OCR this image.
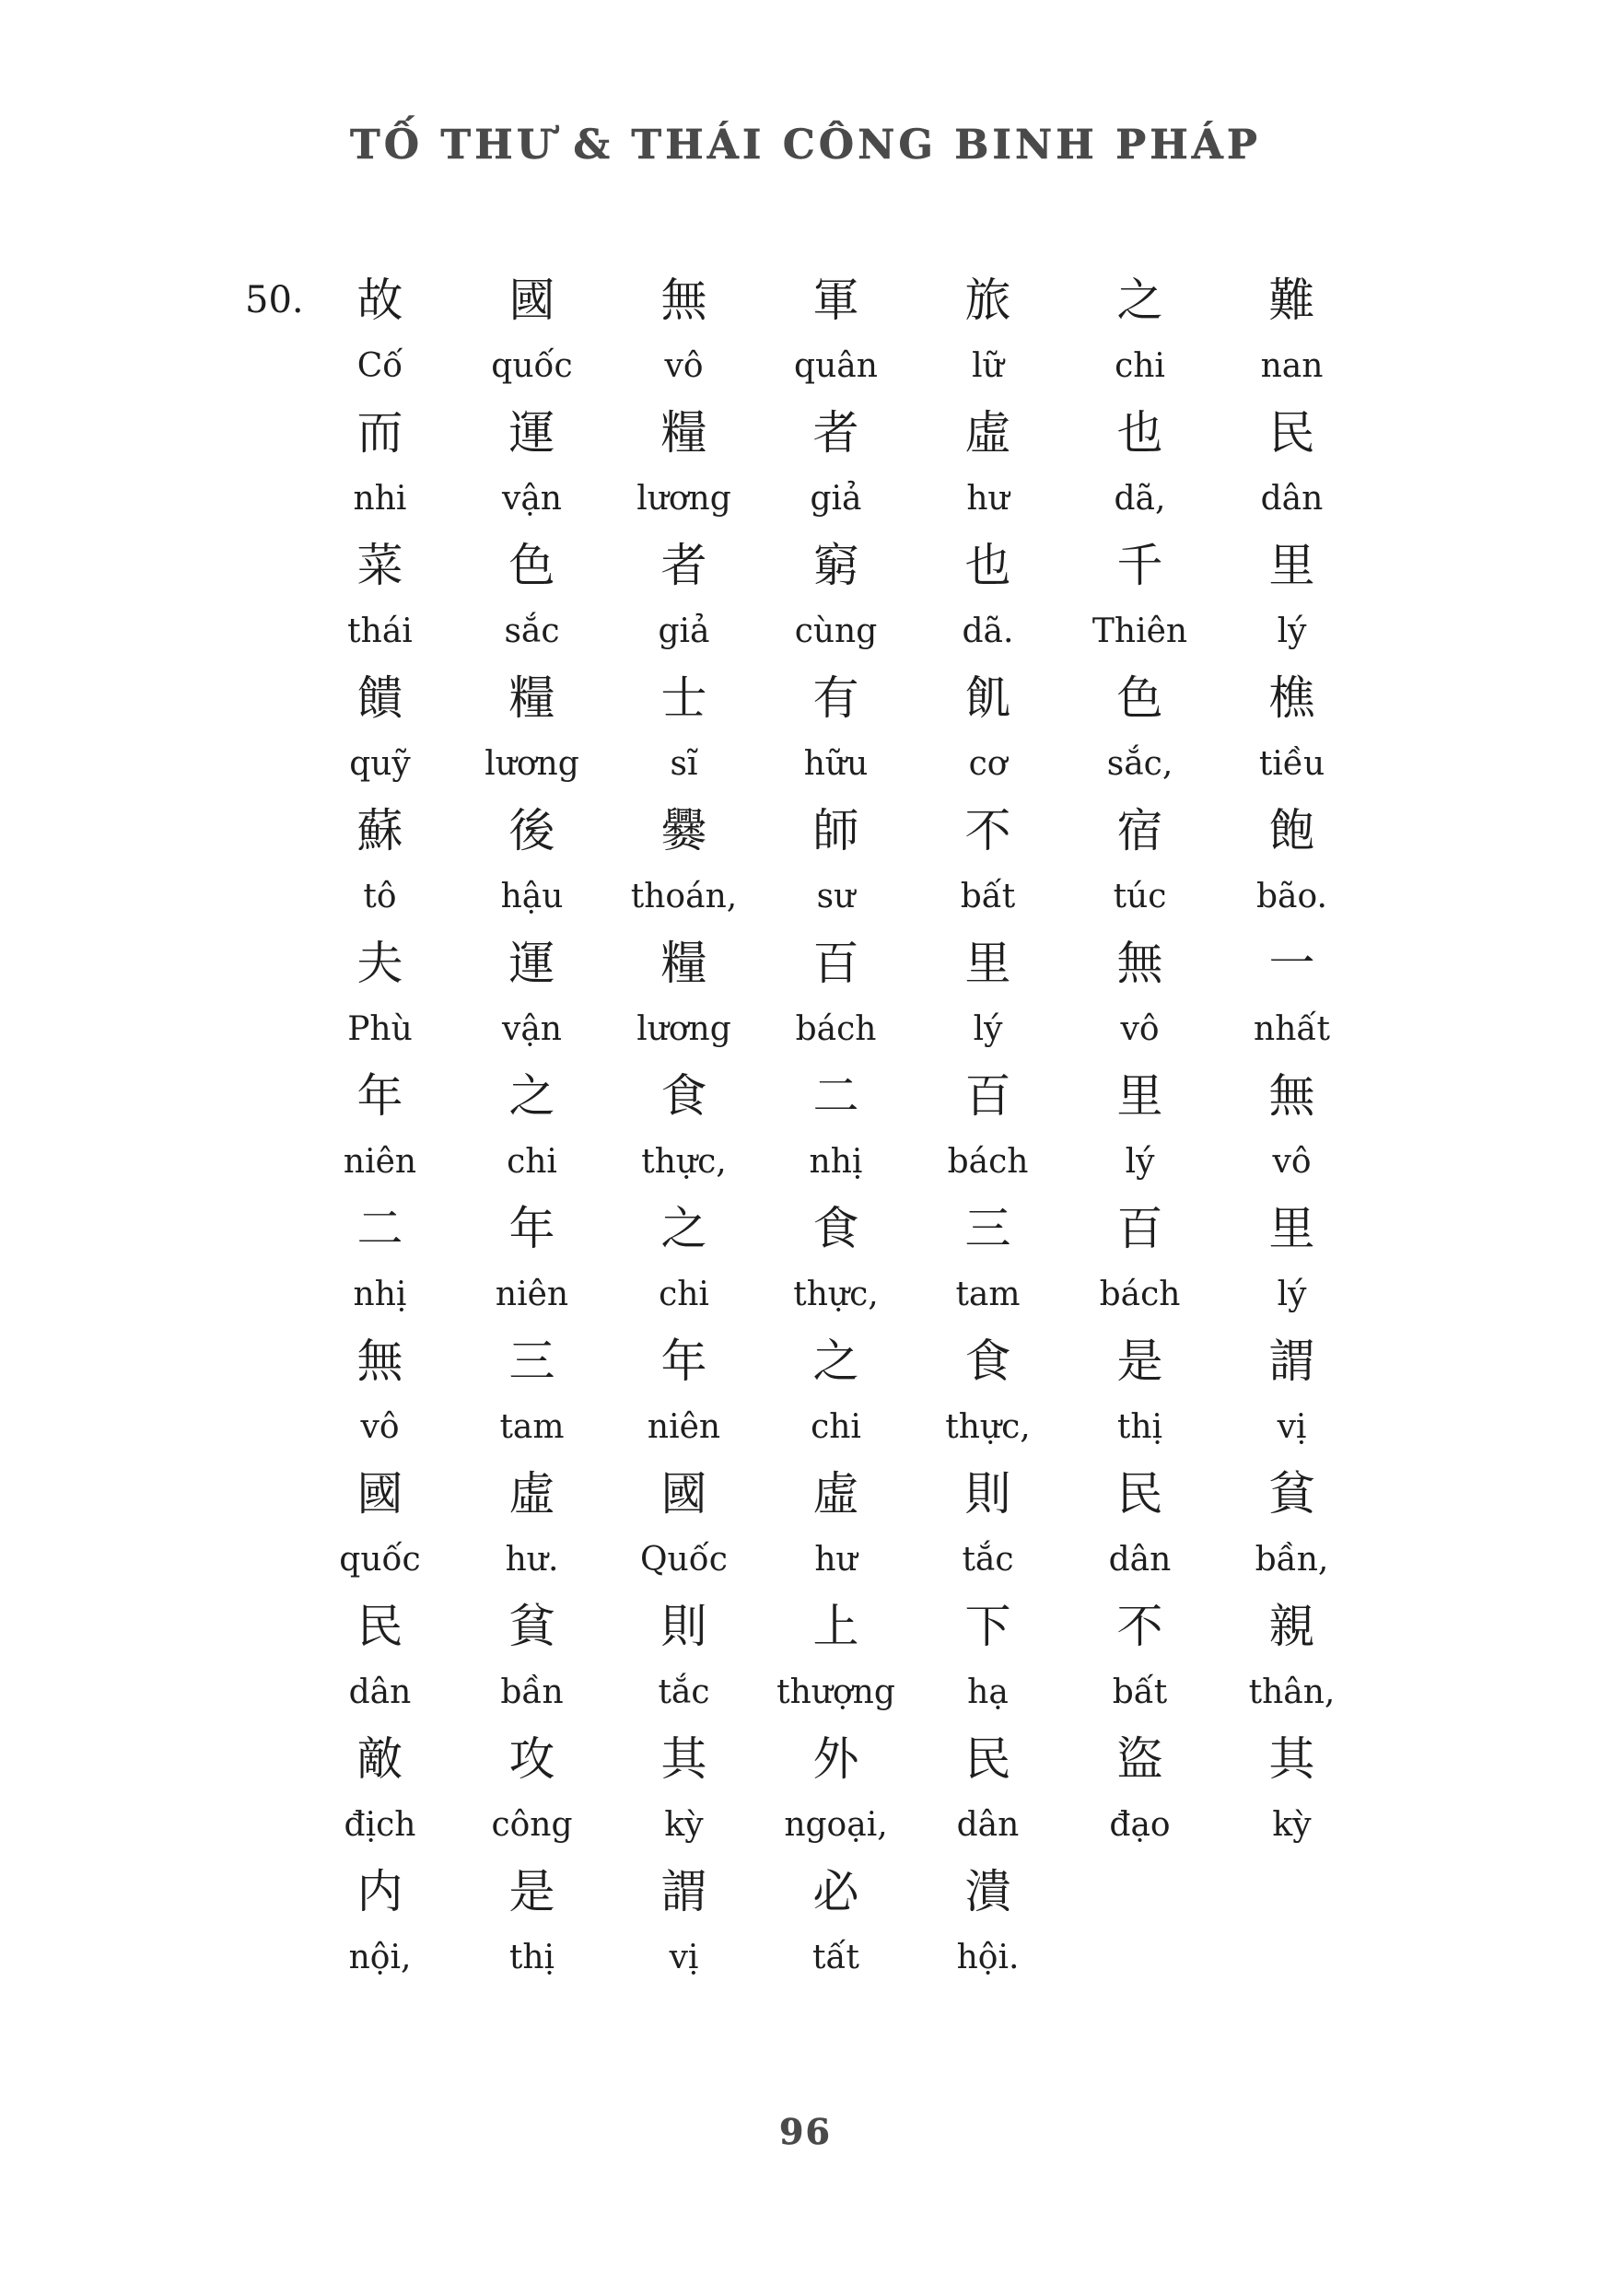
TỐ THƯ & THÁI CÔNG BINH PHÁP
50.	故	國	無	軍	旅	之	難
Cố	quốc	vô	quân	lữ	chi	nan
而	運	糧	者	虛	也	民
nhi	vận	lương	giả	hư	dã,	dân
菜	色	者	窮	也	千	里
thái	sắc	giả	cùng	dã.	Thiên	lý
饋	糧	士	有	飢	色	樵
quỹ	lương	sĩ	hữu	cơ	sắc,	tiều
蘇	後	爨	師	不	宿	飽
tô	hậu	thoán,	sư	bất	túc	bão.
夫	運	糧	百	里	無	一
Phù	vận	lương	bách	lý	vô	nhất
年	之	食	二	百	里	無
niên	chi	thực,	nhị	bách	lý	vô
二	年	之	食	三	百	里
nhị	niên	chi	thực,	tam	bách	lý
無	三	年	之	食	是	謂
vô	tam	niên	chi	thực,	thị	vị
國	虛	國	虛	則	民	貧
quốc	hư.	Quốc	hư	tắc	dân	bần,
民	貧	則	上	下	不	親
dân	bần	tắc	thượng	hạ	bất	thân,
敵	攻	其	外	民	盜	其
địch	công	kỳ	ngoại,	dân	đạo	kỳ
内	是	謂	必	潰
nội,	thị	vị	tất	hội.
96
